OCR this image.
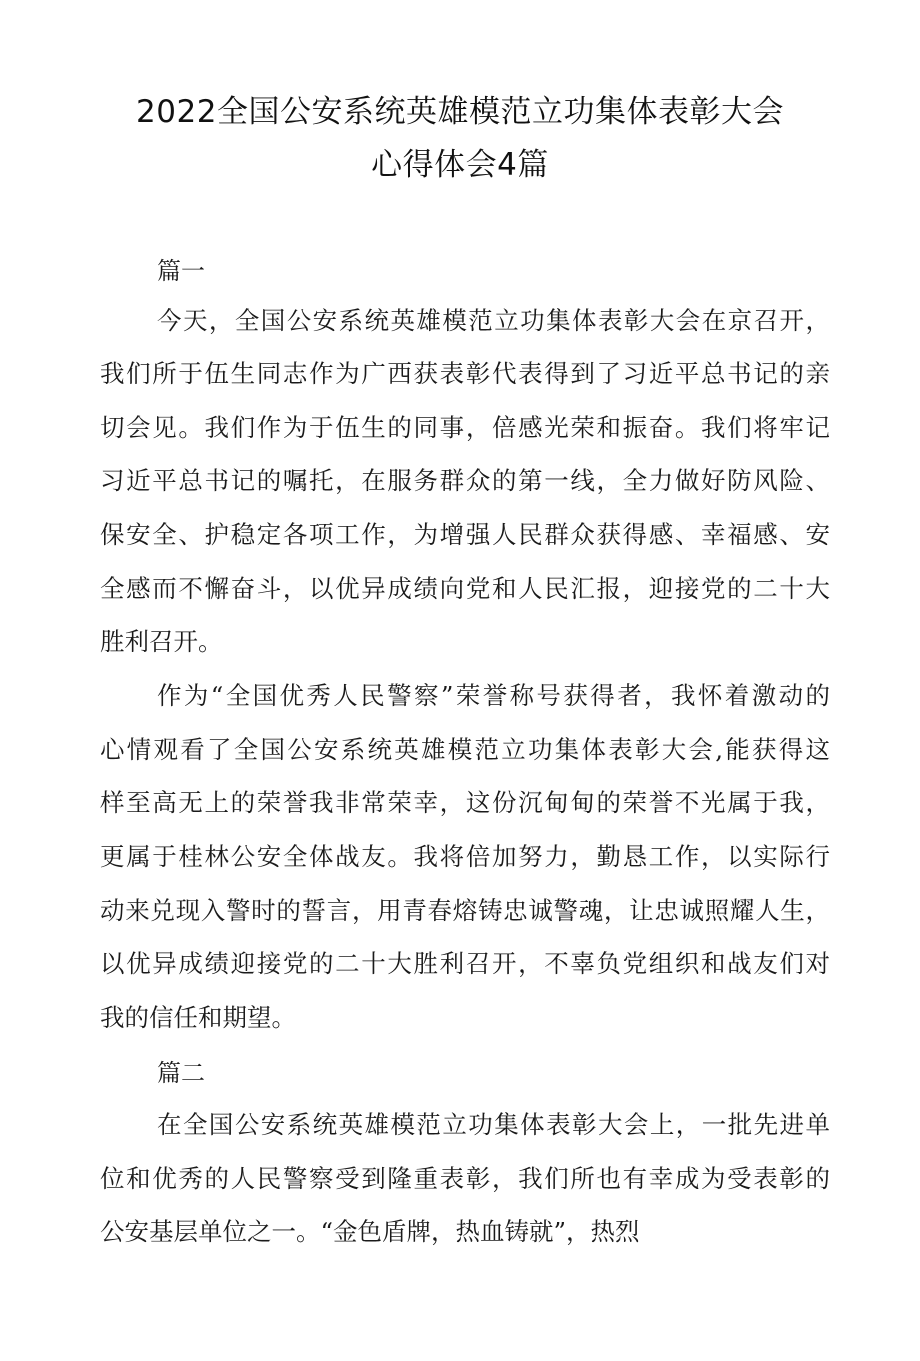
2022全国公安系统英雄模范立功集体表彰大会
心得体会4篇
篇一
今天，全国公安系统英雄模范立功集体表彰大会在京召开，
我们所于伍生同志作为广西获表彰代表得到了习近平总书记的亲
切会见。我们作为于伍生的同事，倍感光荣和振奋。我们将牢记
习近平总书记的嘱托，在服务群众的第一线，全力做好防风险、
保安全、护稳定各项工作，为增强人民群众获得感、幸福感、安
全感而不懈奋斗，以优异成绩向党和人民汇报，迎接党的二十大
胜利召开。
作为“全国优秀人民警察”荣誉称号获得者，我怀着激动的
心情观看了全国公安系统英雄模范立功集体表彰大会,能获得这
样至高无上的荣誉我非常荣幸，这份沉甸甸的荣誉不光属于我，
更属于桂林公安全体战友。我将倍加努力，勤恳工作，以实际行
动来兑现入警时的誓言，用青春熔铸忠诚警魂，让忠诚照耀人生，
以优异成绩迎接党的二十大胜利召开，不辜负党组织和战友们对
我的信任和期望。
篇二
在全国公安系统英雄模范立功集体表彰大会上，一批先进单
位和优秀的人民警察受到隆重表彰，我们所也有幸成为受表彰的
公安基层单位之一。“金色盾牌，热血铸就”，热烈
